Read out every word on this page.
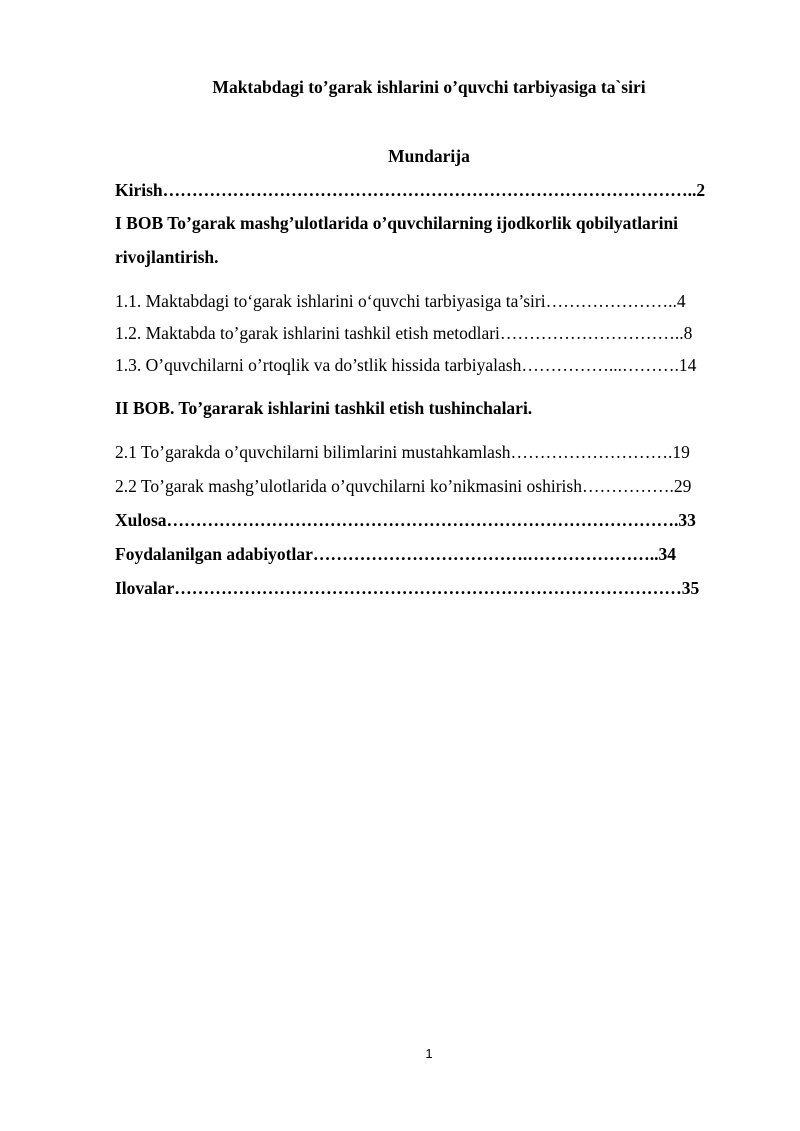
Maktabdagi to’garak ishlarini o’quvchi tarbiyasiga ta`siri
Mundarija
Kirish………………………………………………………………………………..2
I BOB To’garak mashg’ulotlarida o’quvchilarning ijodkorlik qobilyatlarini
rivojlantirish.
1.1. Maktabdagi to‘garak ishlarini o‘quvchi tarbiyasiga ta’siri…………………..4
1.2. Maktabda to’garak ishlarini tashkil etish metodlari…………………………..8
1.3. O’quvchilarni o’rtoqlik va do’stlik hissida tarbiyalash……………...……….14
II BOB. To’gararak ishlarini tashkil etish tushinchalari.
2.1 To’garakda o’quvchilarni bilimlarini mustahkamlash……………………….19
2.2 To’garak mashg’ulotlarida o’quvchilarni ko’nikmasini oshirish…………….29
Xulosa…………………………………………………………………………….33
Foydalanilgan adabiyotlar……………………………….…………………..34
Ilovalar……………………………………………………………………………35
1
